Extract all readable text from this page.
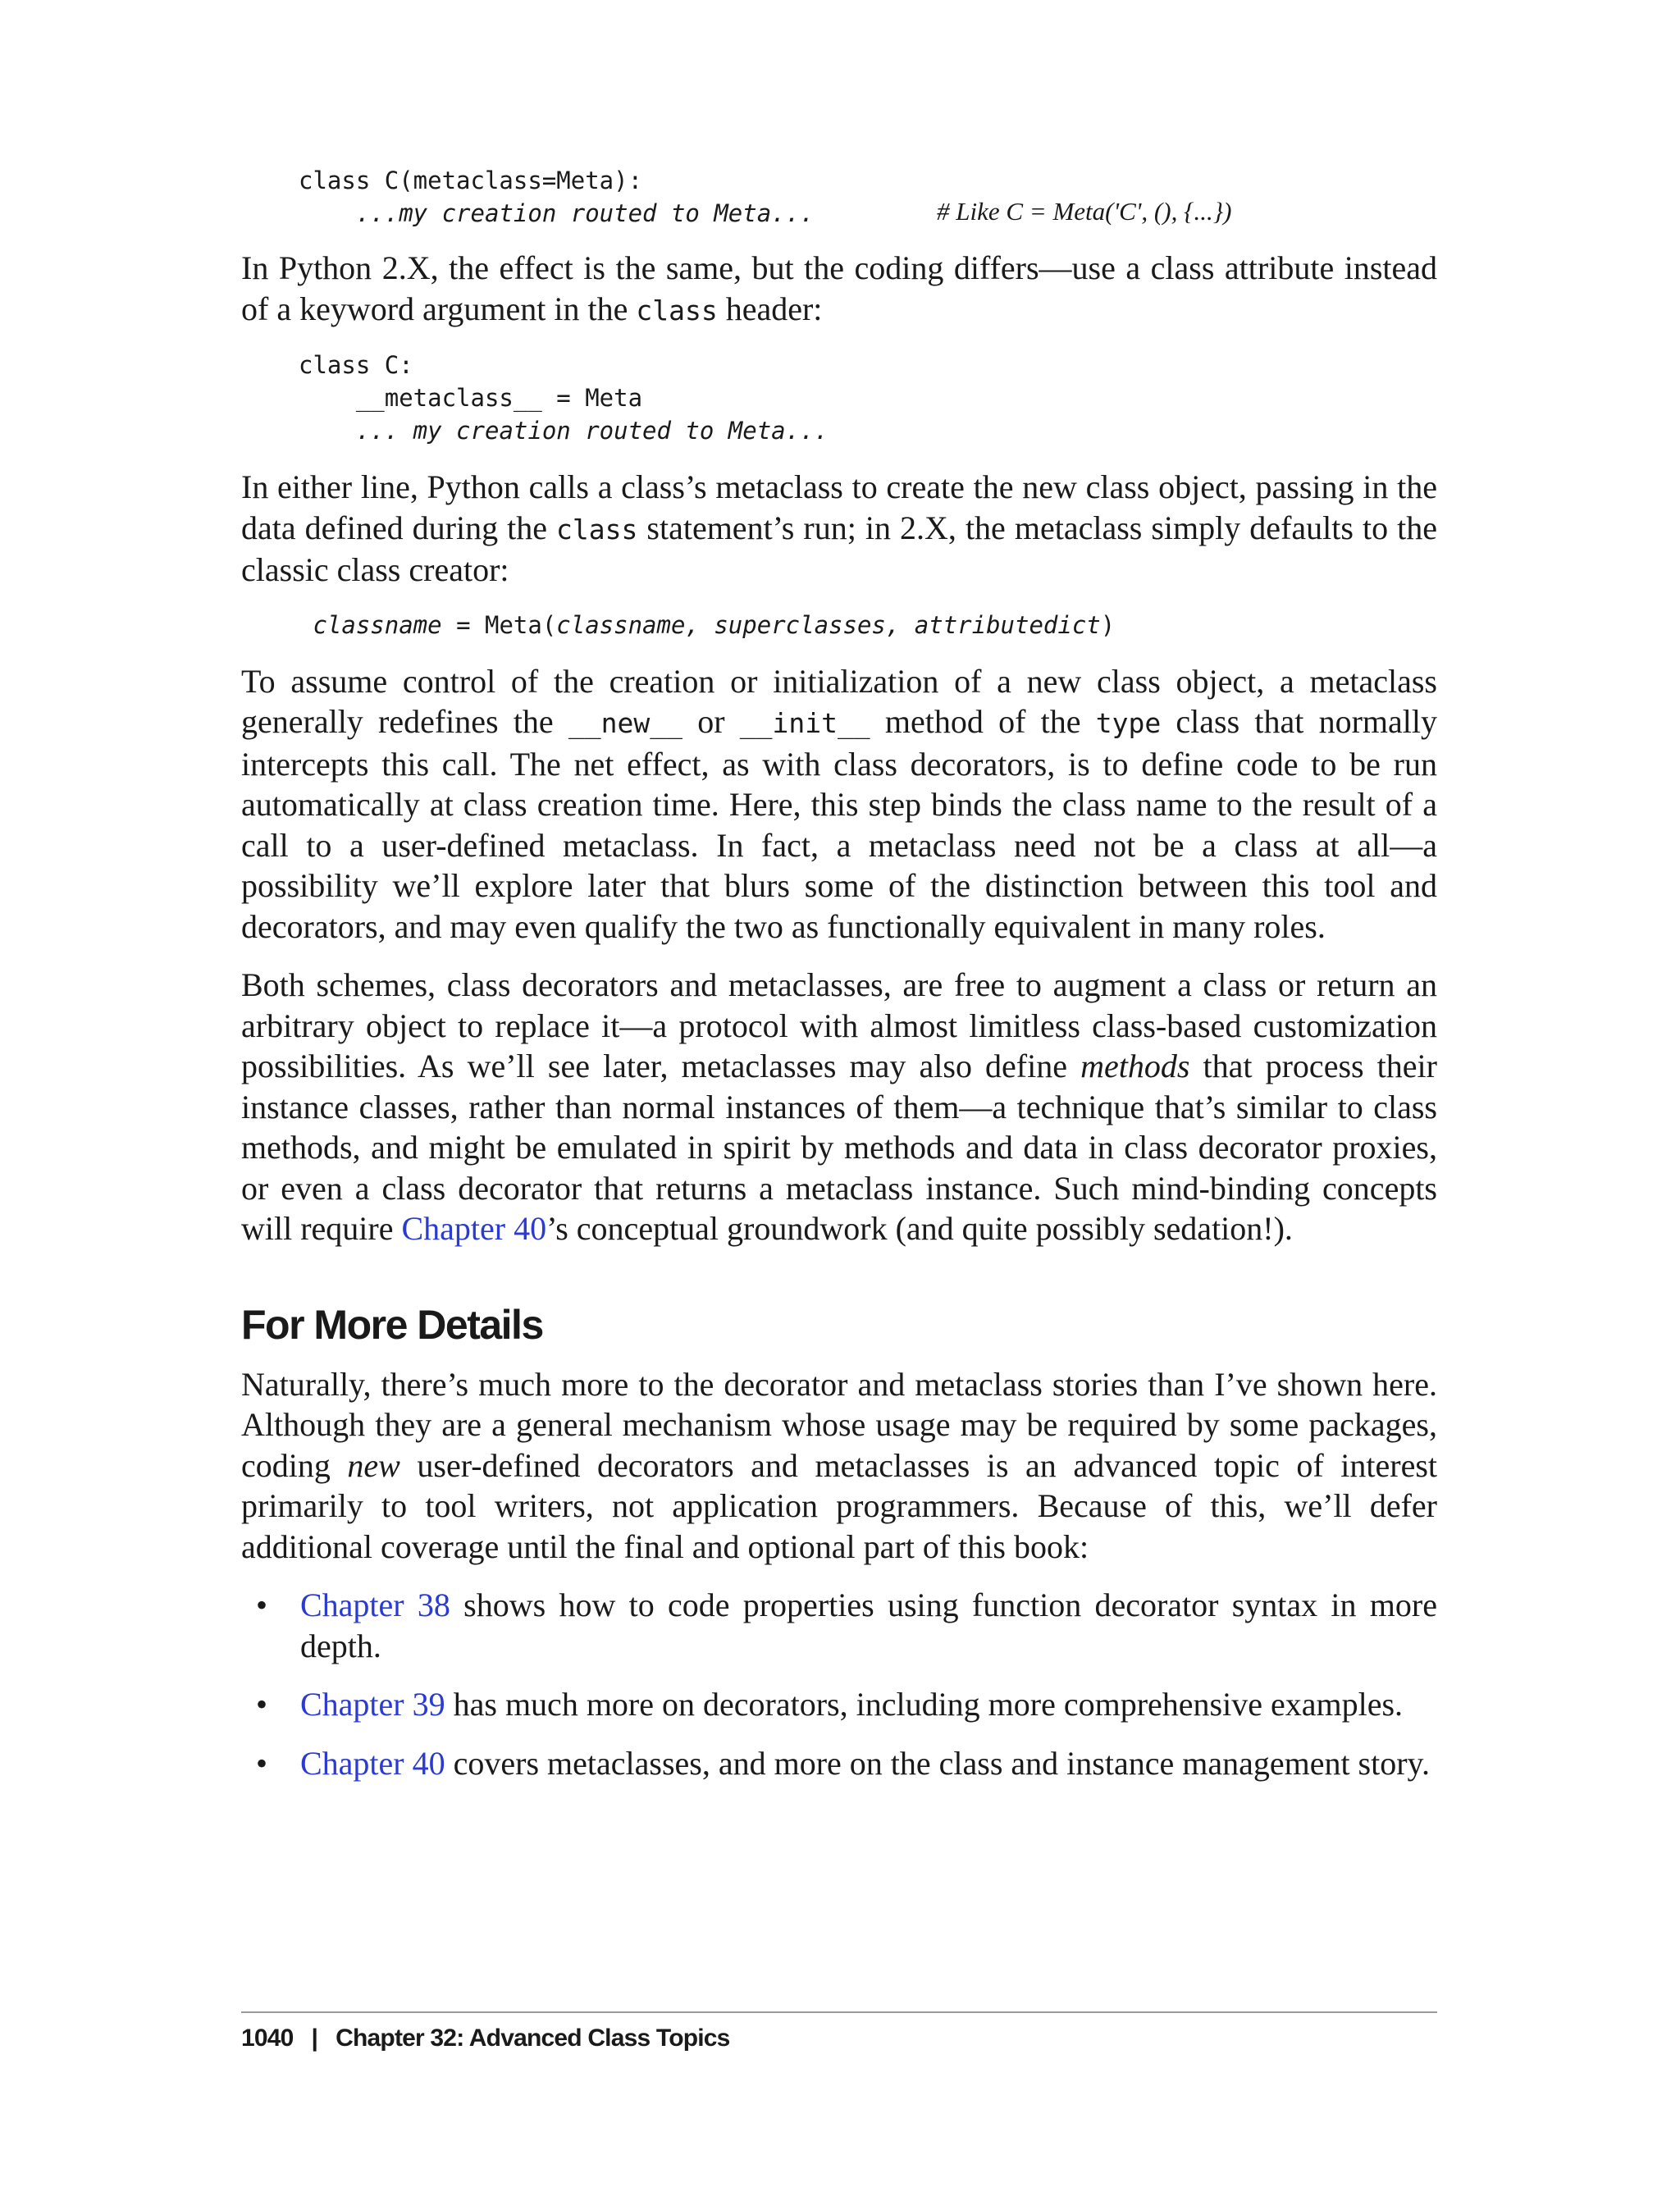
class C(metaclass=Meta):
...my creation routed to Meta...	# Like C = Meta('C', (), {...})

In Python 2.X, the effect is the same, but the coding differs—use a class attribute instead of a keyword argument in the class header:

class C:
__metaclass__ = Meta
... my creation routed to Meta...

In either line, Python calls a class’s metaclass to create the new class object, passing in the data defined during the class statement’s run; in 2.X, the metaclass simply defaults to the classic class creator:

classname = Meta(classname, superclasses, attributedict)

To assume control of the creation or initialization of a new class object, a metaclass generally redefines the __new__ or __init__ method of the type class that normally intercepts this call. The net effect, as with class decorators, is to define code to be run automatically at class creation time. Here, this step binds the class name to the result of a call to a user-defined metaclass. In fact, a metaclass need not be a class at all—a possibility we’ll explore later that blurs some of the distinction between this tool and decorators, and may even qualify the two as functionally equivalent in many roles.

Both schemes, class decorators and metaclasses, are free to augment a class or return an arbitrary object to replace it—a protocol with almost limitless class-based customization possibilities. As we’ll see later, metaclasses may also define methods that process their instance classes, rather than normal instances of them—a technique that’s similar to class methods, and might be emulated in spirit by methods and data in class decorator proxies, or even a class decorator that returns a metaclass instance. Such mind-binding concepts will require Chapter 40’s conceptual groundwork (and quite possibly sedation!).

For More Details

Naturally, there’s much more to the decorator and metaclass stories than I’ve shown here. Although they are a general mechanism whose usage may be required by some packages, coding new user-defined decorators and metaclasses is an advanced topic of interest primarily to tool writers, not application programmers. Because of this, we’ll defer additional coverage until the final and optional part of this book:

• Chapter 38 shows how to code properties using function decorator syntax in more depth.
• Chapter 39 has much more on decorators, including more comprehensive examples.
• Chapter 40 covers metaclasses, and more on the class and instance management story.
1040 | Chapter 32: Advanced Class Topics
